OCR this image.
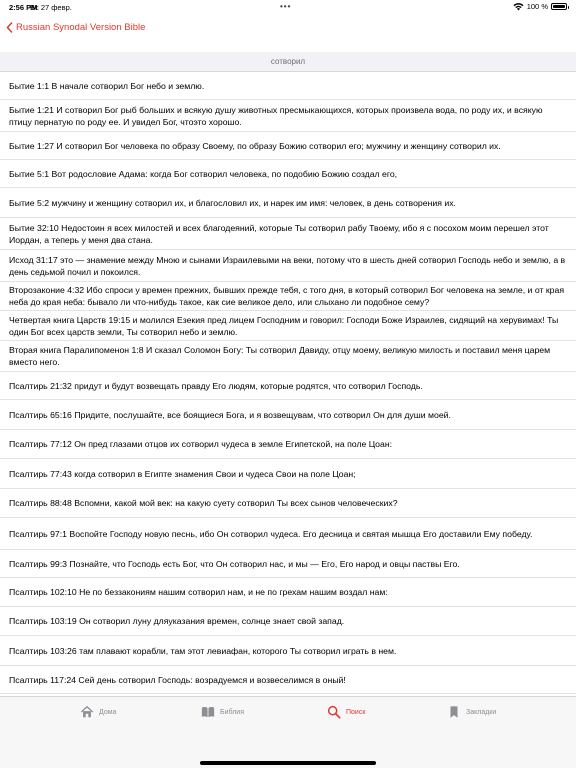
2:56 PM
Вс 27 февр.	•••	100 %
Russian Synodal Version Bible
сотворил
Бытие 1:1 В начале сотворил Бог небо и землю.
Бытие 1:21 И сотворил Бог рыб больших и всякую душу животных пресмыкающихся, которых произвела вода, по роду их, и всякую птицу пернатую по роду ее. И увидел Бог, чтоэто хорошо.
Бытие 1:27 И сотворил Бог человека по образу Своему, по образу Божию сотворил его; мужчину и женщину сотворил их.
Бытие 5:1 Вот родословие Адама: когда Бог сотворил человека, по подобию Божию создал его,
Бытие 5:2 мужчину и женщину сотворил их, и благословил их, и нарек им имя: человек, в день сотворения их.
Бытие 32:10 Недостоин я всех милостей и всех благодеяний, которые Ты сотворил рабу Твоему, ибо я с посохом моим перешел этот Иордан, а теперь у меня два стана.
Исход 31:17 это — знамение между Мною и сынами Израилевыми на веки, потому что в шесть дней сотворил Господь небо и землю, а в день седьмой почил и покоился.
Второзаконие 4:32 Ибо спроси у времен прежних, бывших прежде тебя, с того дня, в который сотворил Бог человека на земле, и от края неба до края неба: бывало ли что-нибудь такое, как сие великое дело, или слыхано ли подобное сему?
Четвертая книга Царств 19:15 и молился Езекия пред лицем Господним и говорил: Господи Боже Израилев, сидящий на херувимах! Ты один Бог всех царств земли, Ты сотворил небо и землю.
Вторая книга Паралипоменон 1:8 И сказал Соломон Богу: Ты сотворил Давиду, отцу моему, великую милость и поставил меня царем вместо него.
Псалтирь 21:32 придут и будут возвещать правду Его людям, которые родятся, что сотворил Господь.
Псалтирь 65:16 Придите, послушайте, все боящиеся Бога, и я возвещувам, что сотворил Он для души моей.
Псалтирь 77:12 Он пред глазами отцов их сотворил чудеса в земле Египетской, на поле Цоан:
Псалтирь 77:43 когда сотворил в Египте знамения Свои и чудеса Свои на поле Цоан;
Псалтирь 88:48 Вспомни, какой мой век: на какую суету сотворил Ты всех сынов человеческих?
Псалтирь 97:1 Воспойте Господу новую песнь, ибо Он сотворил чудеса. Его десница и святая мышца Его доставили Ему победу.
Псалтирь 99:3 Познайте, что Господь есть Бог, что Он сотворил нас, и мы — Его, Его народ и овцы паствы Его.
Псалтирь 102:10 Не по беззакониям нашим сотворил нам, и не по грехам нашим воздал нам:
Псалтирь 103:19 Он сотворил луну дляуказания времен, солнце знает свой запад.
Псалтирь 103:26 там плавают корабли, там этот левиафан, которого Ты сотворил играть в нем.
Псалтирь 117:24 Сей день сотворил Господь: возрадуемся и возвеселимся в оный!
Дома	Библия	Поиск	Закладки
